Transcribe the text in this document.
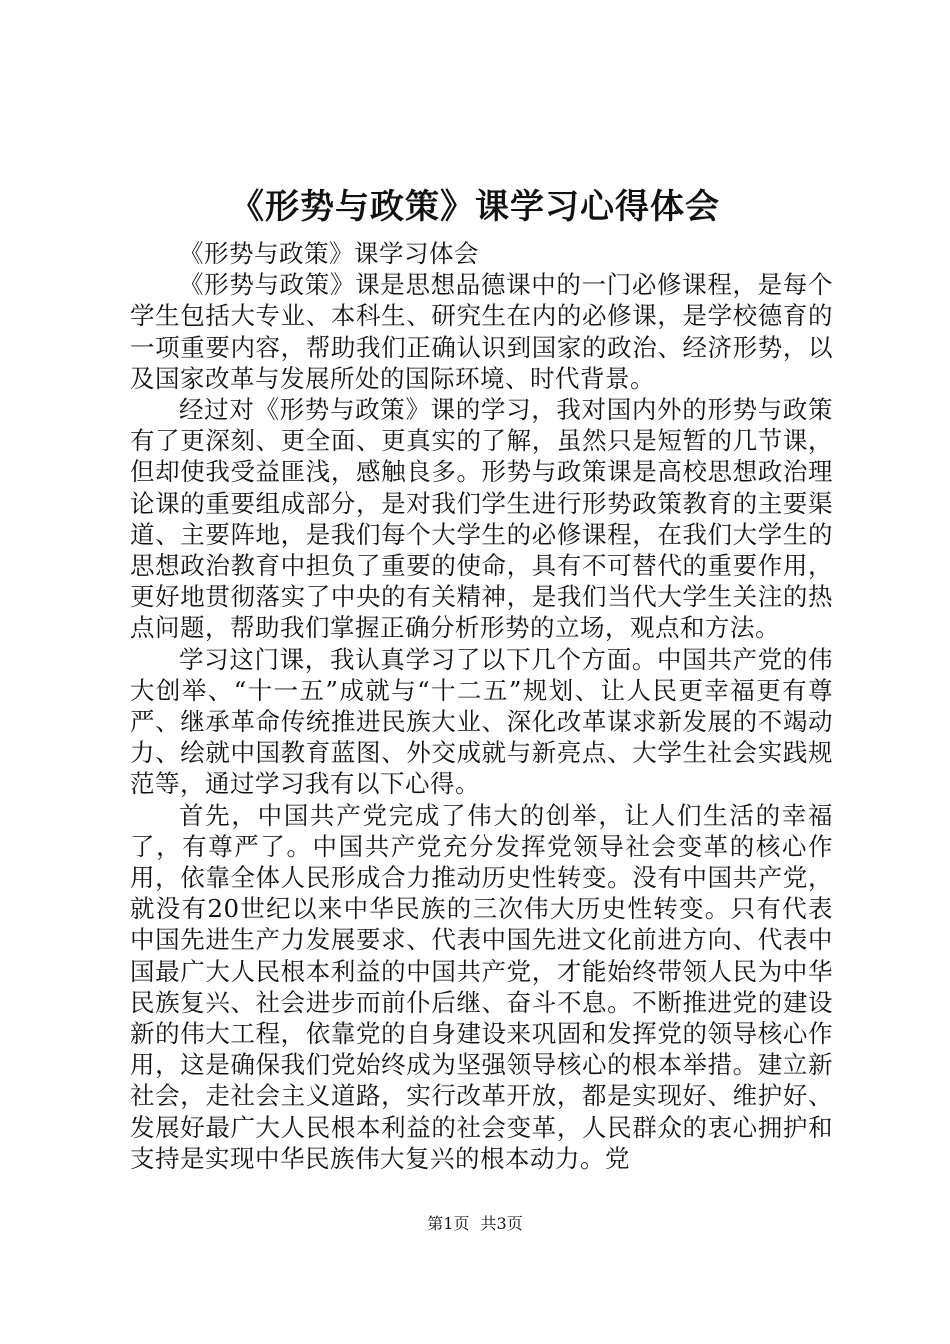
《形势与政策》课学习心得体会

《形势与政策》课学习体会

《形势与政策》课是思想品德课中的一门必修课程，是每个学生包括大专业、本科生、研究生在内的必修课，是学校德育的一项重要内容，帮助我们正确认识到国家的政治、经济形势，以及国家改革与发展所处的国际环境、时代背景。

经过对《形势与政策》课的学习，我对国内外的形势与政策有了更深刻、更全面、更真实的了解，虽然只是短暂的几节课，但却使我受益匪浅，感触良多。形势与政策课是高校思想政治理论课的重要组成部分，是对我们学生进行形势政策教育的主要渠道、主要阵地，是我们每个大学生的必修课程，在我们大学生的思想政治教育中担负了重要的使命，具有不可替代的重要作用，更好地贯彻落实了中央的有关精神，是我们当代大学生关注的热点问题，帮助我们掌握正确分析形势的立场，观点和方法。

学习这门课，我认真学习了以下几个方面。中国共产党的伟大创举、“十一五”成就与“十二五”规划、让人民更幸福更有尊严、继承革命传统推进民族大业、深化改革谋求新发展的不竭动力、绘就中国教育蓝图、外交成就与新亮点、大学生社会实践规范等，通过学习我有以下心得。

首先，中国共产党完成了伟大的创举，让人们生活的幸福了，有尊严了。中国共产党充分发挥党领导社会变革的核心作用，依靠全体人民形成合力推动历史性转变。没有中国共产党，就没有20世纪以来中华民族的三次伟大历史性转变。只有代表中国先进生产力发展要求、代表中国先进文化前进方向、代表中国最广大人民根本利益的中国共产党，才能始终带领人民为中华民族复兴、社会进步而前仆后继、奋斗不息。不断推进党的建设新的伟大工程，依靠党的自身建设来巩固和发挥党的领导核心作用，这是确保我们党始终成为坚强领导核心的根本举措。建立新社会，走社会主义道路，实行改革开放，都是实现好、维护好、发展好最广大人民根本利益的社会变革，人民群众的衷心拥护和支持是实现中华民族伟大复兴的根本动力。党

第1页 共3页
